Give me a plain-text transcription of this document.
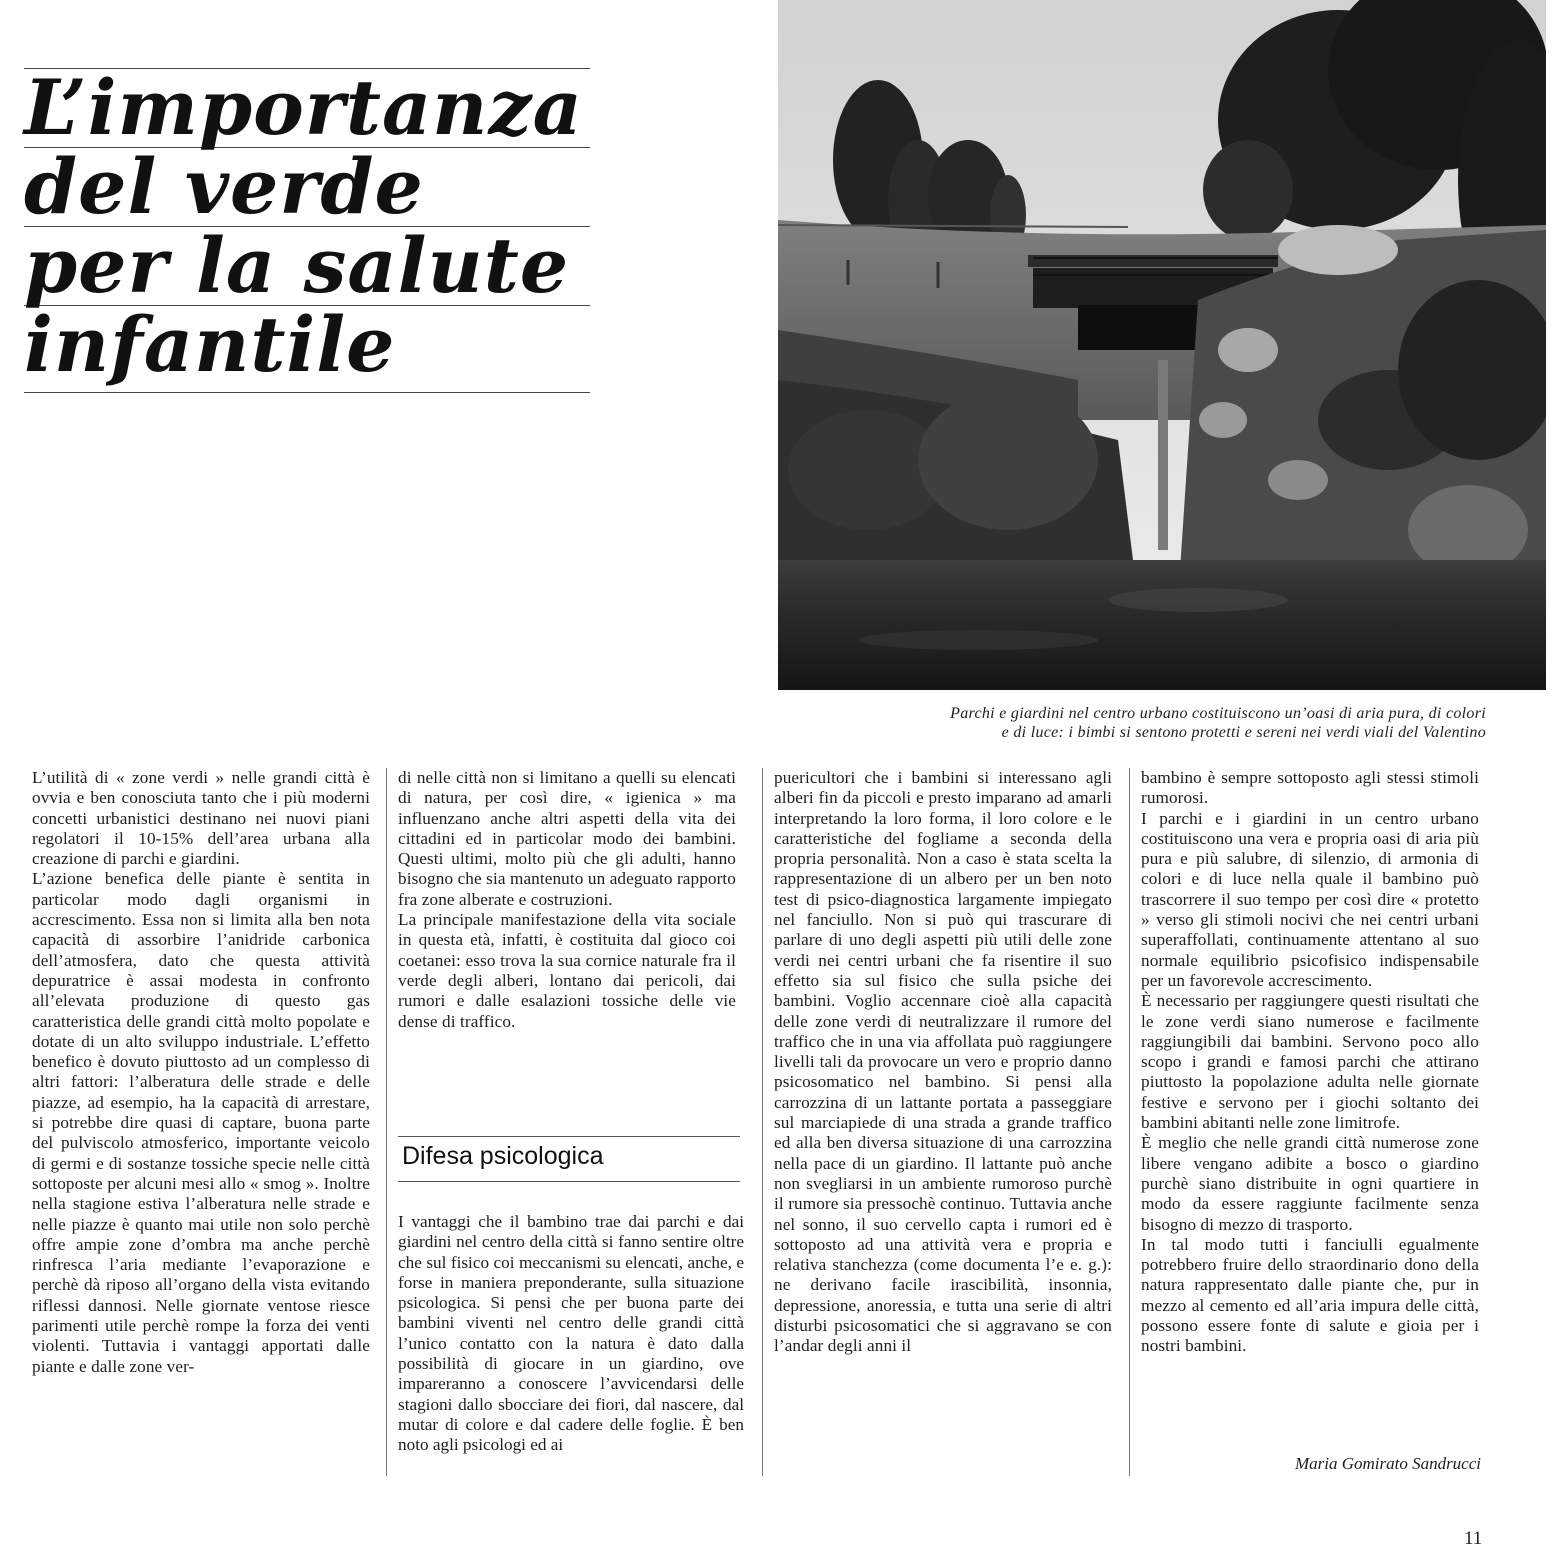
L’importanza
del verde
per la salute
infantile
Parchi e giardini nel centro urbano costituiscono un’oasi di aria pura, di colori
e di luce: i bimbi si sentono protetti e sereni nei verdi viali del Valentino

L’utilità di « zone verdi » nelle grandi città è ovvia e ben conosciuta tanto che i più moderni concetti urbanistici destinano nei nuovi piani regolatori il 10-15% dell’area urbana alla creazione di parchi e giardini.

L’azione benefica delle piante è sentita in particolar modo dagli organismi in accrescimento. Essa non si limita alla ben nota capacità di assorbire l’anidride carbonica dell’atmosfera, dato che questa attività depuratrice è assai modesta in confronto all’elevata produzione di questo gas caratteristica delle grandi città molto popolate e dotate di un alto sviluppo industriale. L’effetto benefico è dovuto piuttosto ad un complesso di altri fattori: l’alberatura delle strade e delle piazze, ad esempio, ha la capacità di arrestare, si potrebbe dire quasi di captare, buona parte del pulviscolo atmosferico, importante veicolo di germi e di sostanze tossiche specie nelle città sottoposte per alcuni mesi allo « smog ». Inoltre nella stagione estiva l’alberatura nelle strade e nelle piazze è quanto mai utile non solo perchè offre ampie zone d’ombra ma anche perchè rinfresca l’aria mediante l’evaporazione e perchè dà riposo all’organo della vista evitando riflessi dannosi. Nelle giornate ventose riesce parimenti utile perchè rompe la forza dei venti violenti. Tuttavia i vantaggi apportati dalle piante e dalle zone ver-

di nelle città non si limitano a quelli su elencati di natura, per così dire, « igienica » ma influenzano anche altri aspetti della vita dei cittadini ed in particolar modo dei bambini. Questi ultimi, molto più che gli adulti, hanno bisogno che sia mantenuto un adeguato rapporto fra zone alberate e costruzioni.

La principale manifestazione della vita sociale in questa età, infatti, è costituita dal gioco coi coetanei: esso trova la sua cornice naturale fra il verde degli alberi, lontano dai pericoli, dai rumori e dalle esalazioni tossiche delle vie dense di traffico.

Difesa psicologica

I vantaggi che il bambino trae dai parchi e dai giardini nel centro della città si fanno sentire oltre che sul fisico coi meccanismi su elencati, anche, e forse in maniera preponderante, sulla situazione psicologica. Si pensi che per buona parte dei bambini viventi nel centro delle grandi città l’unico contatto con la natura è dato dalla possibilità di giocare in un giardino, ove impareranno a conoscere l’avvicendarsi delle stagioni dallo sbocciare dei fiori, dal nascere, dal mutar di colore e dal cadere delle foglie. È ben noto agli psicologi ed ai

puericultori che i bambini si interessano agli alberi fin da piccoli e presto imparano ad amarli interpretando la loro forma, il loro colore e le caratteristiche del fogliame a seconda della propria personalità. Non a caso è stata scelta la rappresentazione di un albero per un ben noto test di psico-diagnostica largamente impiegato nel fanciullo. Non si può qui trascurare di parlare di uno degli aspetti più utili delle zone verdi nei centri urbani che fa risentire il suo effetto sia sul fisico che sulla psiche dei bambini. Voglio accennare cioè alla capacità delle zone verdi di neutralizzare il rumore del traffico che in una via affollata può raggiungere livelli tali da provocare un vero e proprio danno psicosomatico nel bambino. Si pensi alla carrozzina di un lattante portata a passeggiare sul marciapiede di una strada a grande traffico ed alla ben diversa situazione di una carrozzina nella pace di un giardino. Il lattante può anche non svegliarsi in un ambiente rumoroso purchè il rumore sia pressochè continuo. Tuttavia anche nel sonno, il suo cervello capta i rumori ed è sottoposto ad una attività vera e propria e relativa stanchezza (come documenta l’e e. g.): ne derivano facile irascibilità, insonnia, depressione, anoressia, e tutta una serie di altri disturbi psicosomatici che si aggravano se con l’andar degli anni il

bambino è sempre sottoposto agli stessi stimoli rumorosi.

I parchi e i giardini in un centro urbano costituiscono una vera e propria oasi di aria più pura e più salubre, di silenzio, di armonia di colori e di luce nella quale il bambino può trascorrere il suo tempo per così dire « protetto » verso gli stimoli nocivi che nei centri urbani superaffollati, continuamente attentano al suo normale equilibrio psicofisico indispensabile per un favorevole accrescimento.

È necessario per raggiungere questi risultati che le zone verdi siano numerose e facilmente raggiungibili dai bambini. Servono poco allo scopo i grandi e famosi parchi che attirano piuttosto la popolazione adulta nelle giornate festive e servono per i giochi soltanto dei bambini abitanti nelle zone limitrofe.

È meglio che nelle grandi città numerose zone libere vengano adibite a bosco o giardino purchè siano distribuite in ogni quartiere in modo da essere raggiunte facilmente senza bisogno di mezzo di trasporto.

In tal modo tutti i fanciulli egualmente potrebbero fruire dello straordinario dono della natura rappresentato dalle piante che, pur in mezzo al cemento ed all’aria impura delle città, possono essere fonte di salute e gioia per i nostri bambini.

Maria Gomirato Sandrucci
11
